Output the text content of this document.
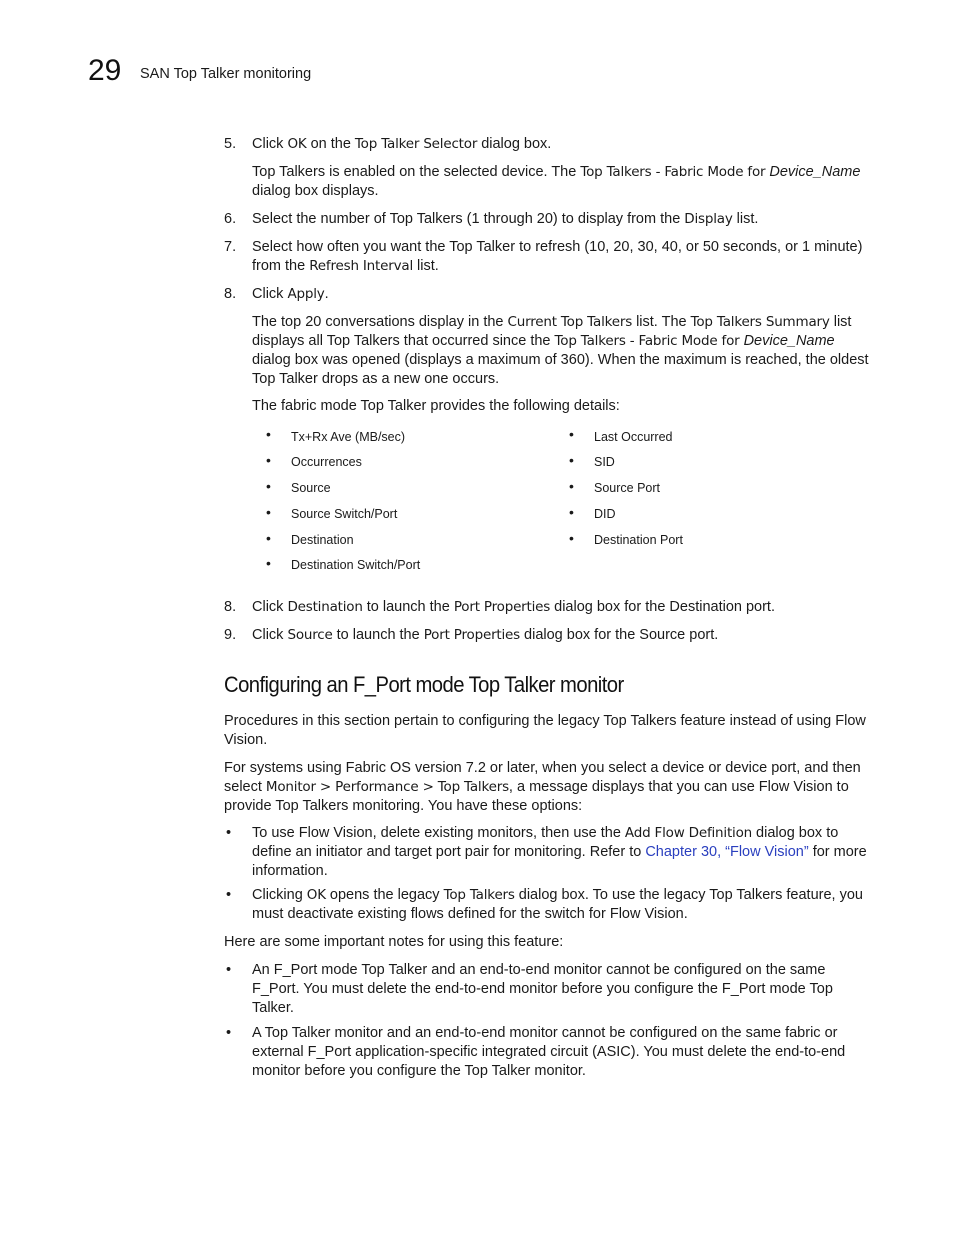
29 SAN Top Talker monitoring
5. Click OK on the Top Talker Selector dialog box.
Top Talkers is enabled on the selected device. The Top Talkers - Fabric Mode for Device_Name dialog box displays.
6. Select the number of Top Talkers (1 through 20) to display from the Display list.
7. Select how often you want the Top Talker to refresh (10, 20, 30, 40, or 50 seconds, or 1 minute) from the Refresh Interval list.
8. Click Apply.
The top 20 conversations display in the Current Top Talkers list. The Top Talkers Summary list displays all Top Talkers that occurred since the Top Talkers - Fabric Mode for Device_Name dialog box was opened (displays a maximum of 360). When the maximum is reached, the oldest Top Talker drops as a new one occurs.
The fabric mode Top Talker provides the following details:
• Tx+Rx Ave (MB/sec)
• Occurrences
• Source
• Source Switch/Port
• Destination
• Destination Switch/Port
• Last Occurred
• SID
• Source Port
• DID
• Destination Port
8. Click Destination to launch the Port Properties dialog box for the Destination port.
9. Click Source to launch the Port Properties dialog box for the Source port.
Configuring an F_Port mode Top Talker monitor
Procedures in this section pertain to configuring the legacy Top Talkers feature instead of using Flow Vision.
For systems using Fabric OS version 7.2 or later, when you select a device or device port, and then select Monitor > Performance > Top Talkers, a message displays that you can use Flow Vision to provide Top Talkers monitoring. You have these options:
• To use Flow Vision, delete existing monitors, then use the Add Flow Definition dialog box to define an initiator and target port pair for monitoring. Refer to Chapter 30, “Flow Vision” for more information.
• Clicking OK opens the legacy Top Talkers dialog box. To use the legacy Top Talkers feature, you must deactivate existing flows defined for the switch for Flow Vision.
Here are some important notes for using this feature:
• An F_Port mode Top Talker and an end-to-end monitor cannot be configured on the same F_Port. You must delete the end-to-end monitor before you configure the F_Port mode Top Talker.
• A Top Talker monitor and an end-to-end monitor cannot be configured on the same fabric or external F_Port application-specific integrated circuit (ASIC). You must delete the end-to-end monitor before you configure the Top Talker monitor.
